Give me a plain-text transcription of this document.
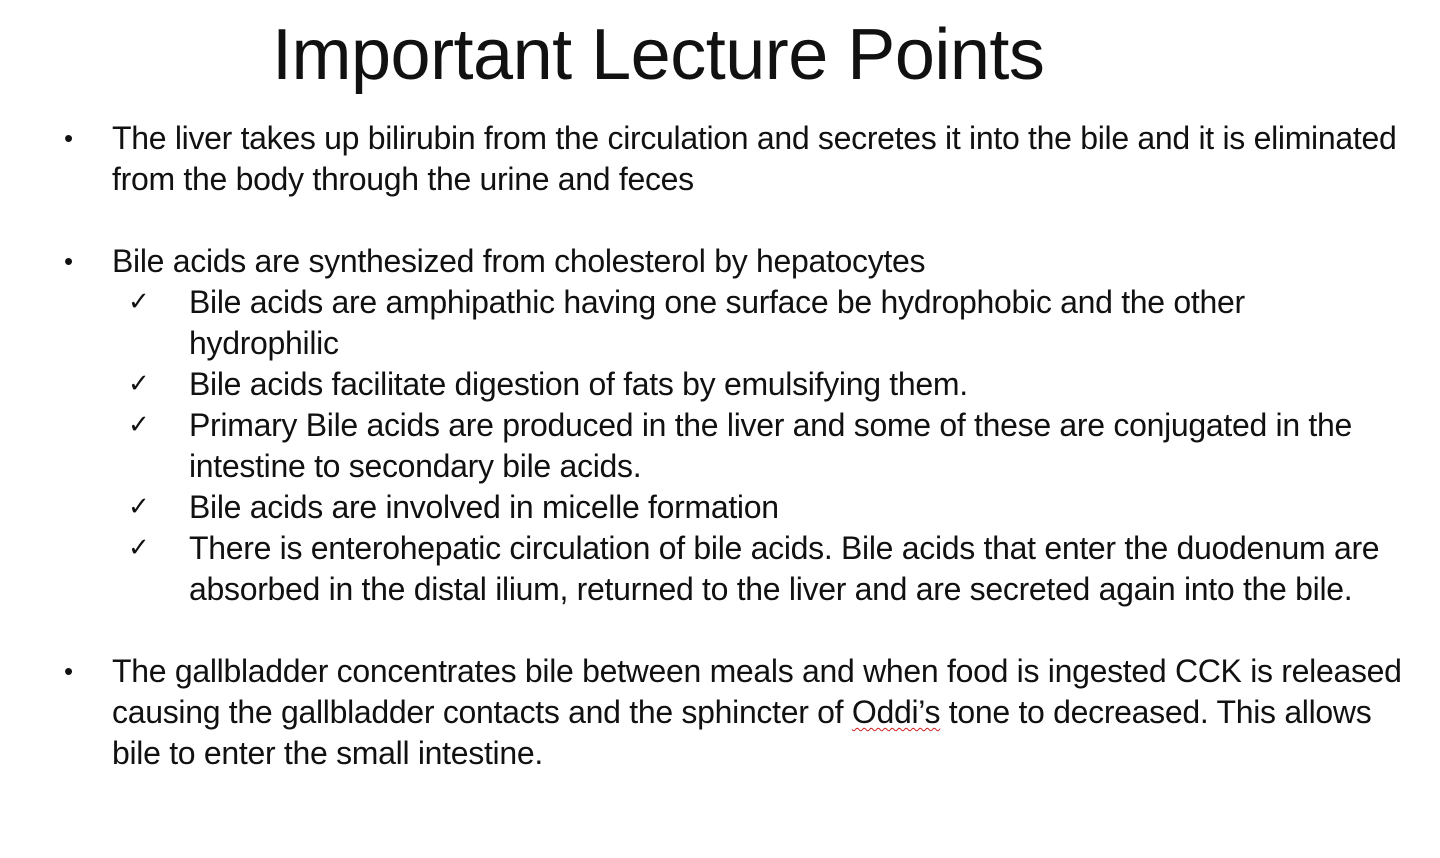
Important Lecture Points
• The liver takes up bilirubin from the circulation and secretes it into the bile and it is eliminated from the body through the urine and feces
• Bile acids are synthesized from cholesterol by hepatocytes
✓ Bile acids are amphipathic having one surface be hydrophobic and the other hydrophilic
✓ Bile acids facilitate digestion of fats by emulsifying them.
✓ Primary Bile acids are produced in the liver and some of these are conjugated in the intestine to secondary bile acids.
✓ Bile acids are involved in micelle formation
✓ There is enterohepatic circulation of bile acids. Bile acids that enter the duodenum are absorbed in the distal ilium, returned to the liver and are secreted again into the bile.
• The gallbladder concentrates bile between meals and when food is ingested CCK is released causing the gallbladder contacts and the sphincter of Oddi’s tone to decreased. This allows bile to enter the small intestine.
